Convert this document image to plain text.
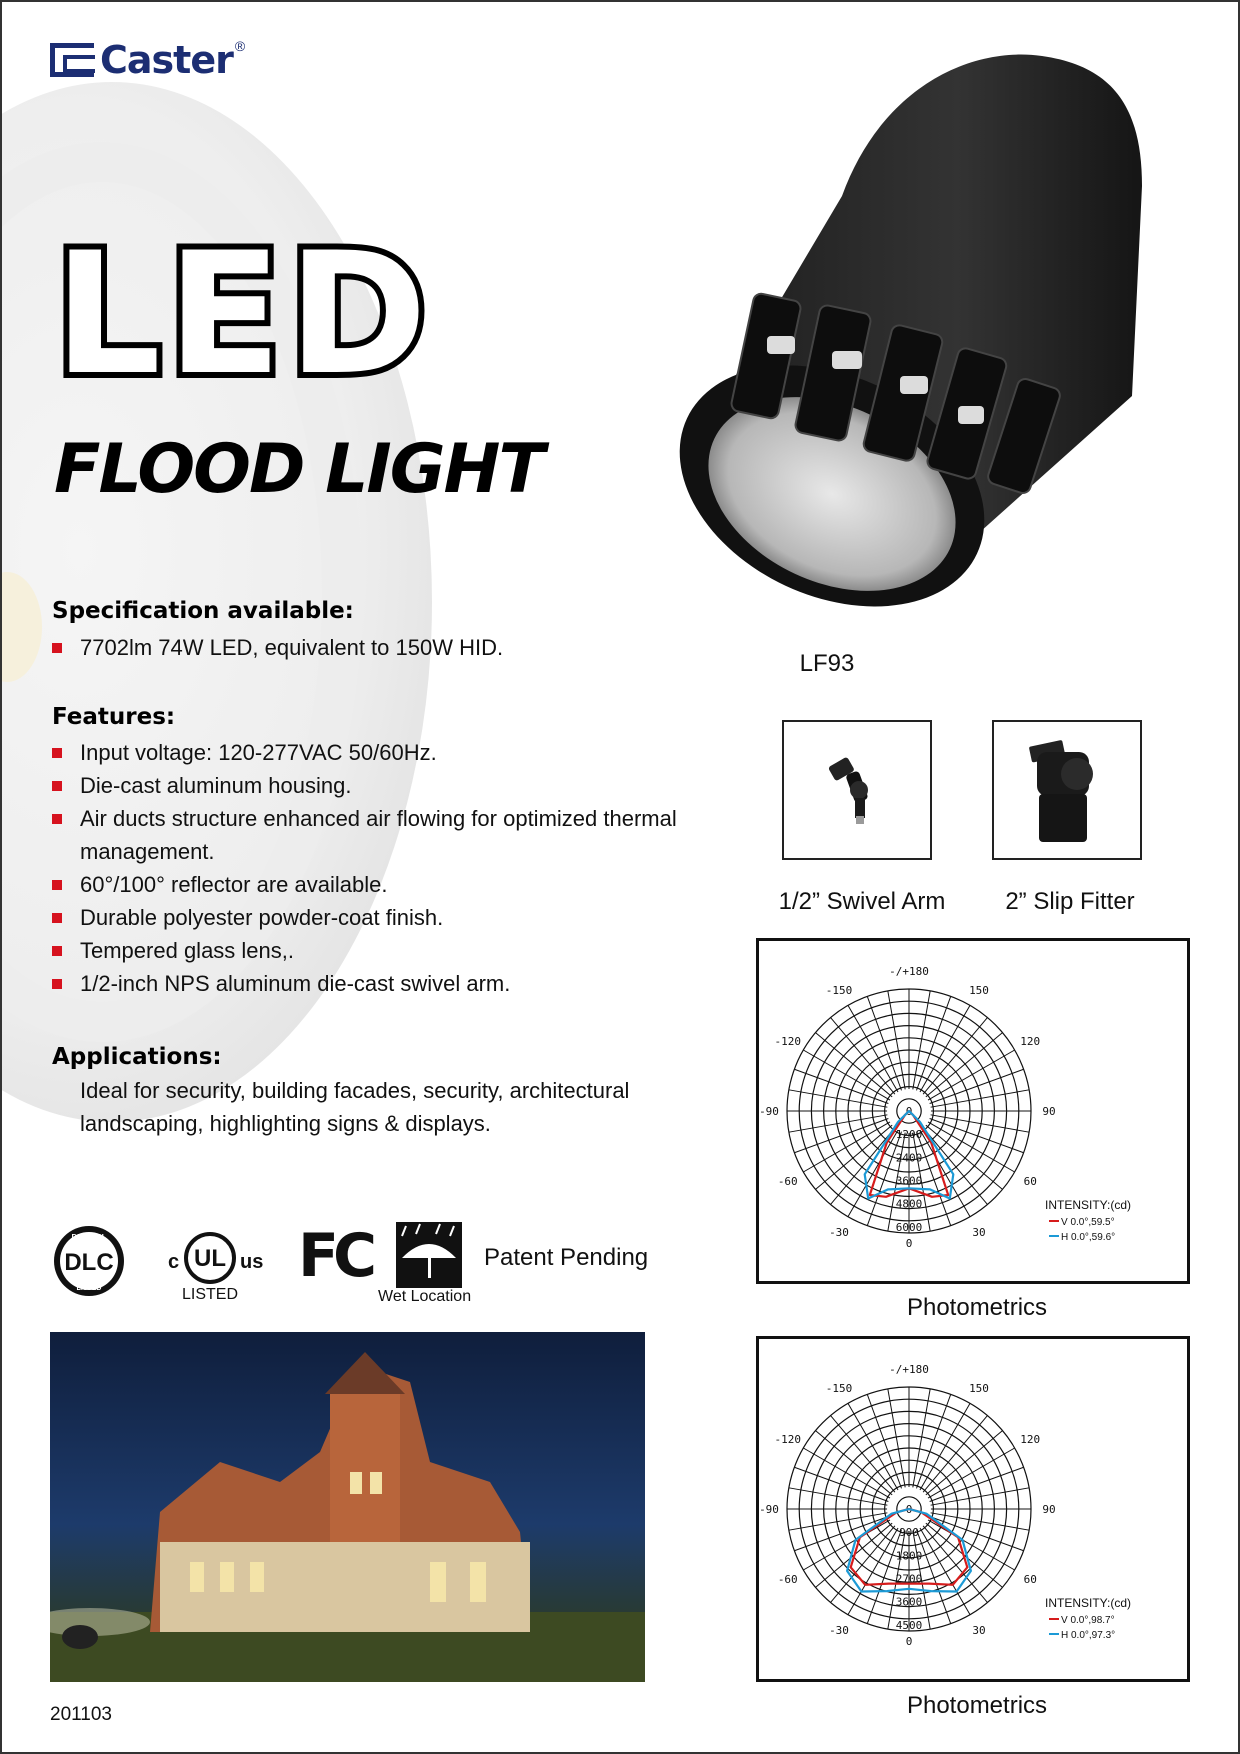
Caster ®
LED
FLOOD LIGHT
LF93
Specification available:
7702lm 74W LED, equivalent to 150W HID.
Features:
Input voltage: 120-277VAC 50/60Hz.
Die-cast aluminum housing.
Air ducts structure enhanced air flowing for optimized thermal management.
60°/100° reflector are available.
Durable polyester powder-coat finish.
Tempered glass lens,.
1/2-inch NPS aluminum die-cast swivel arm.
Applications:
Ideal for security, building facades, security, architectural landscaping, highlighting signs & displays.
1/2” Swivel Arm	2” Slip Fitter
-/+180
-150	150
-120	120
-90	90
-60	60
-30	30
0
1200
2400
3600
4800
6000
0
INTENSITY:(cd)
V 0.0°,59.5°
H 0.0°,59.6°
Photometrics
-/+180
-150	150
-120	120
-90	90
-60	60
-30	30
0
900
1800
2700
3600
4500
0
INTENSITY:(cd)
V 0.0°,98.7°
H 0.0°,97.3°
Photometrics
DLC QPL
DLC
LISTED
c UL us
LISTED
FC
Wet Location
Patent Pending
201103
